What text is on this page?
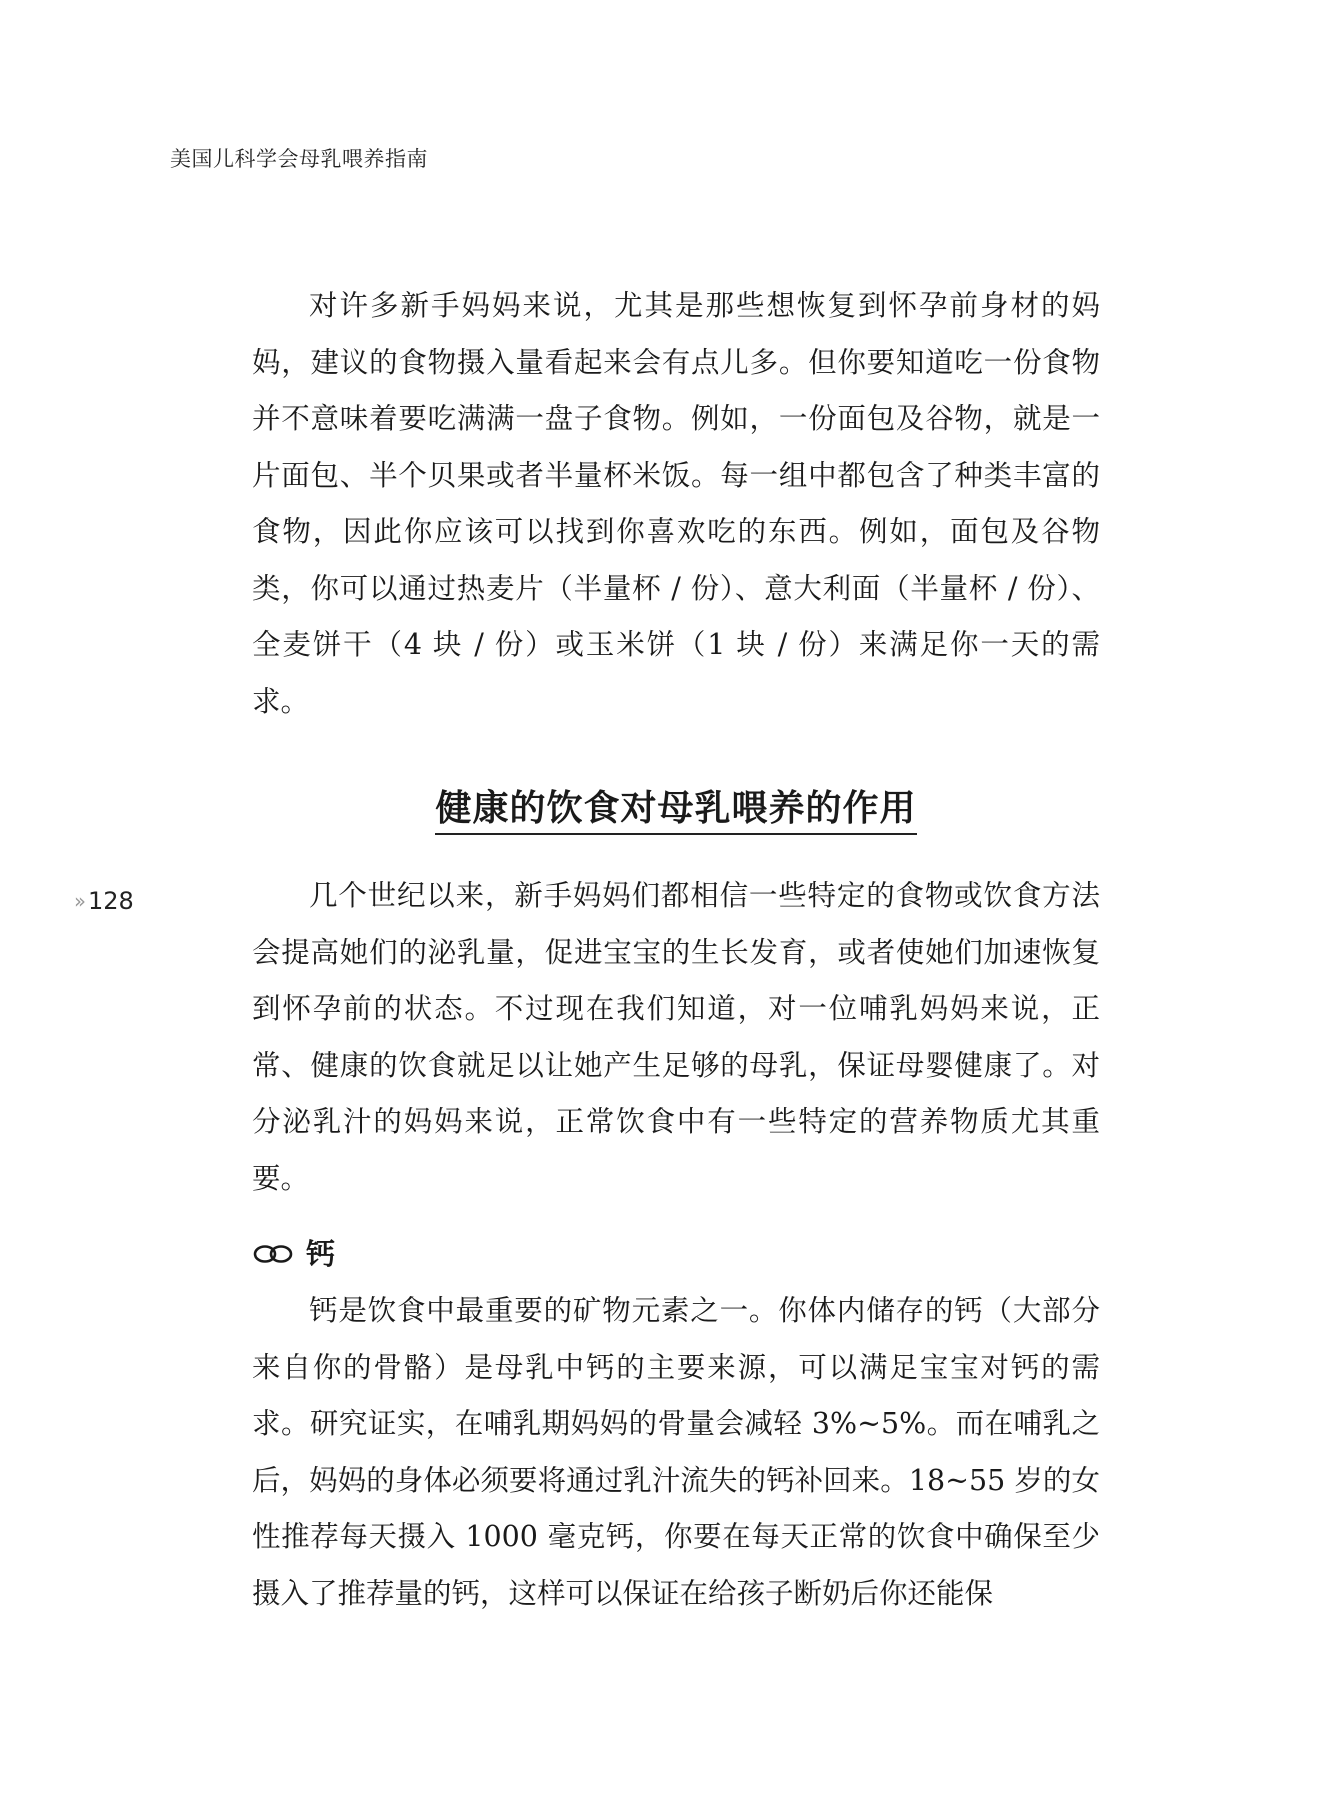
美国儿科学会母乳喂养指南
›› 128

对许多新手妈妈来说，尤其是那些想恢复到怀孕前身材的妈妈，建议的食物摄入量看起来会有点儿多。但你要知道吃一份食物并不意味着要吃满满一盘子食物。例如，一份面包及谷物，就是一片面包、半个贝果或者半量杯米饭。每一组中都包含了种类丰富的食物，因此你应该可以找到你喜欢吃的东西。例如，面包及谷物类，你可以通过热麦片（半量杯 / 份）、意大利面（半量杯 / 份）、全麦饼干（4 块 / 份）或玉米饼（1 块 / 份）来满足你一天的需求。

健康的饮食对母乳喂养的作用

几个世纪以来，新手妈妈们都相信一些特定的食物或饮食方法会提高她们的泌乳量，促进宝宝的生长发育，或者使她们加速恢复到怀孕前的状态。不过现在我们知道，对一位哺乳妈妈来说，正常、健康的饮食就足以让她产生足够的母乳，保证母婴健康了。对分泌乳汁的妈妈来说，正常饮食中有一些特定的营养物质尤其重要。

钙

钙是饮食中最重要的矿物元素之一。你体内储存的钙（大部分来自你的骨骼）是母乳中钙的主要来源，可以满足宝宝对钙的需求。研究证实，在哺乳期妈妈的骨量会减轻 3%~5%。而在哺乳之后，妈妈的身体必须要将通过乳汁流失的钙补回来。18~55 岁的女性推荐每天摄入 1000 毫克钙，你要在每天正常的饮食中确保至少摄入了推荐量的钙，这样可以保证在给孩子断奶后你还能保
